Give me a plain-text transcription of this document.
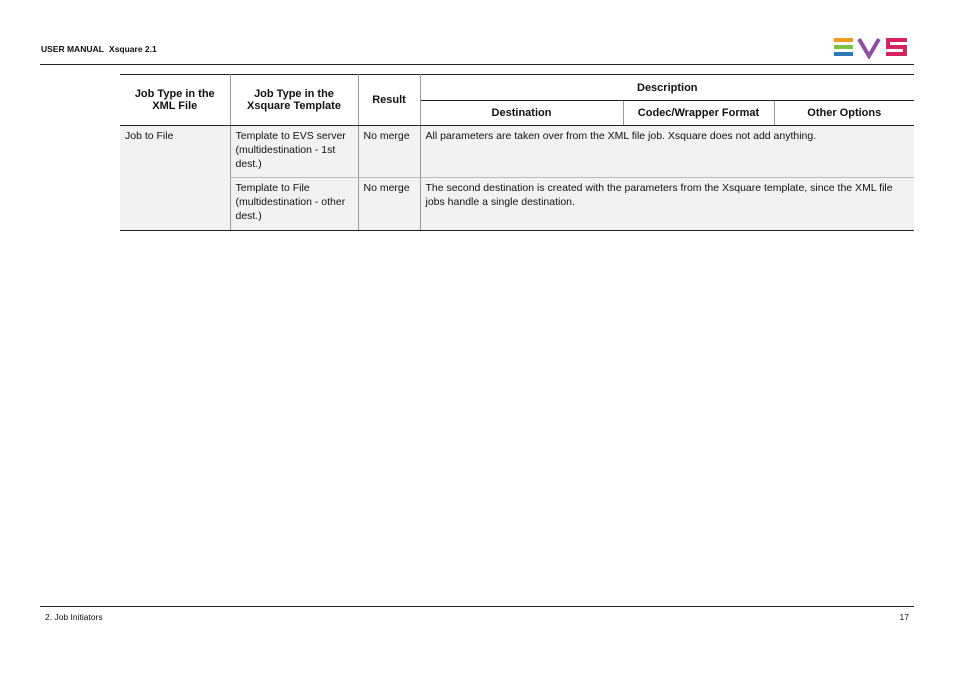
USER MANUAL Xsquare 2.1
Job Type in the XML File	Job Type in the Xsquare Template	Result	Description		
			Destination	Codec/Wrapper Format	Other Options
Job to File	Template to EVS server (multidestination - 1st dest.)	No merge	All parameters are taken over from the XML file job. Xsquare does not add anything.		
	Template to File (multidestination - other dest.)	No merge	The second destination is created with the parameters from the Xsquare template, since the XML file jobs handle a single destination.		
2. Job Initiators	17
